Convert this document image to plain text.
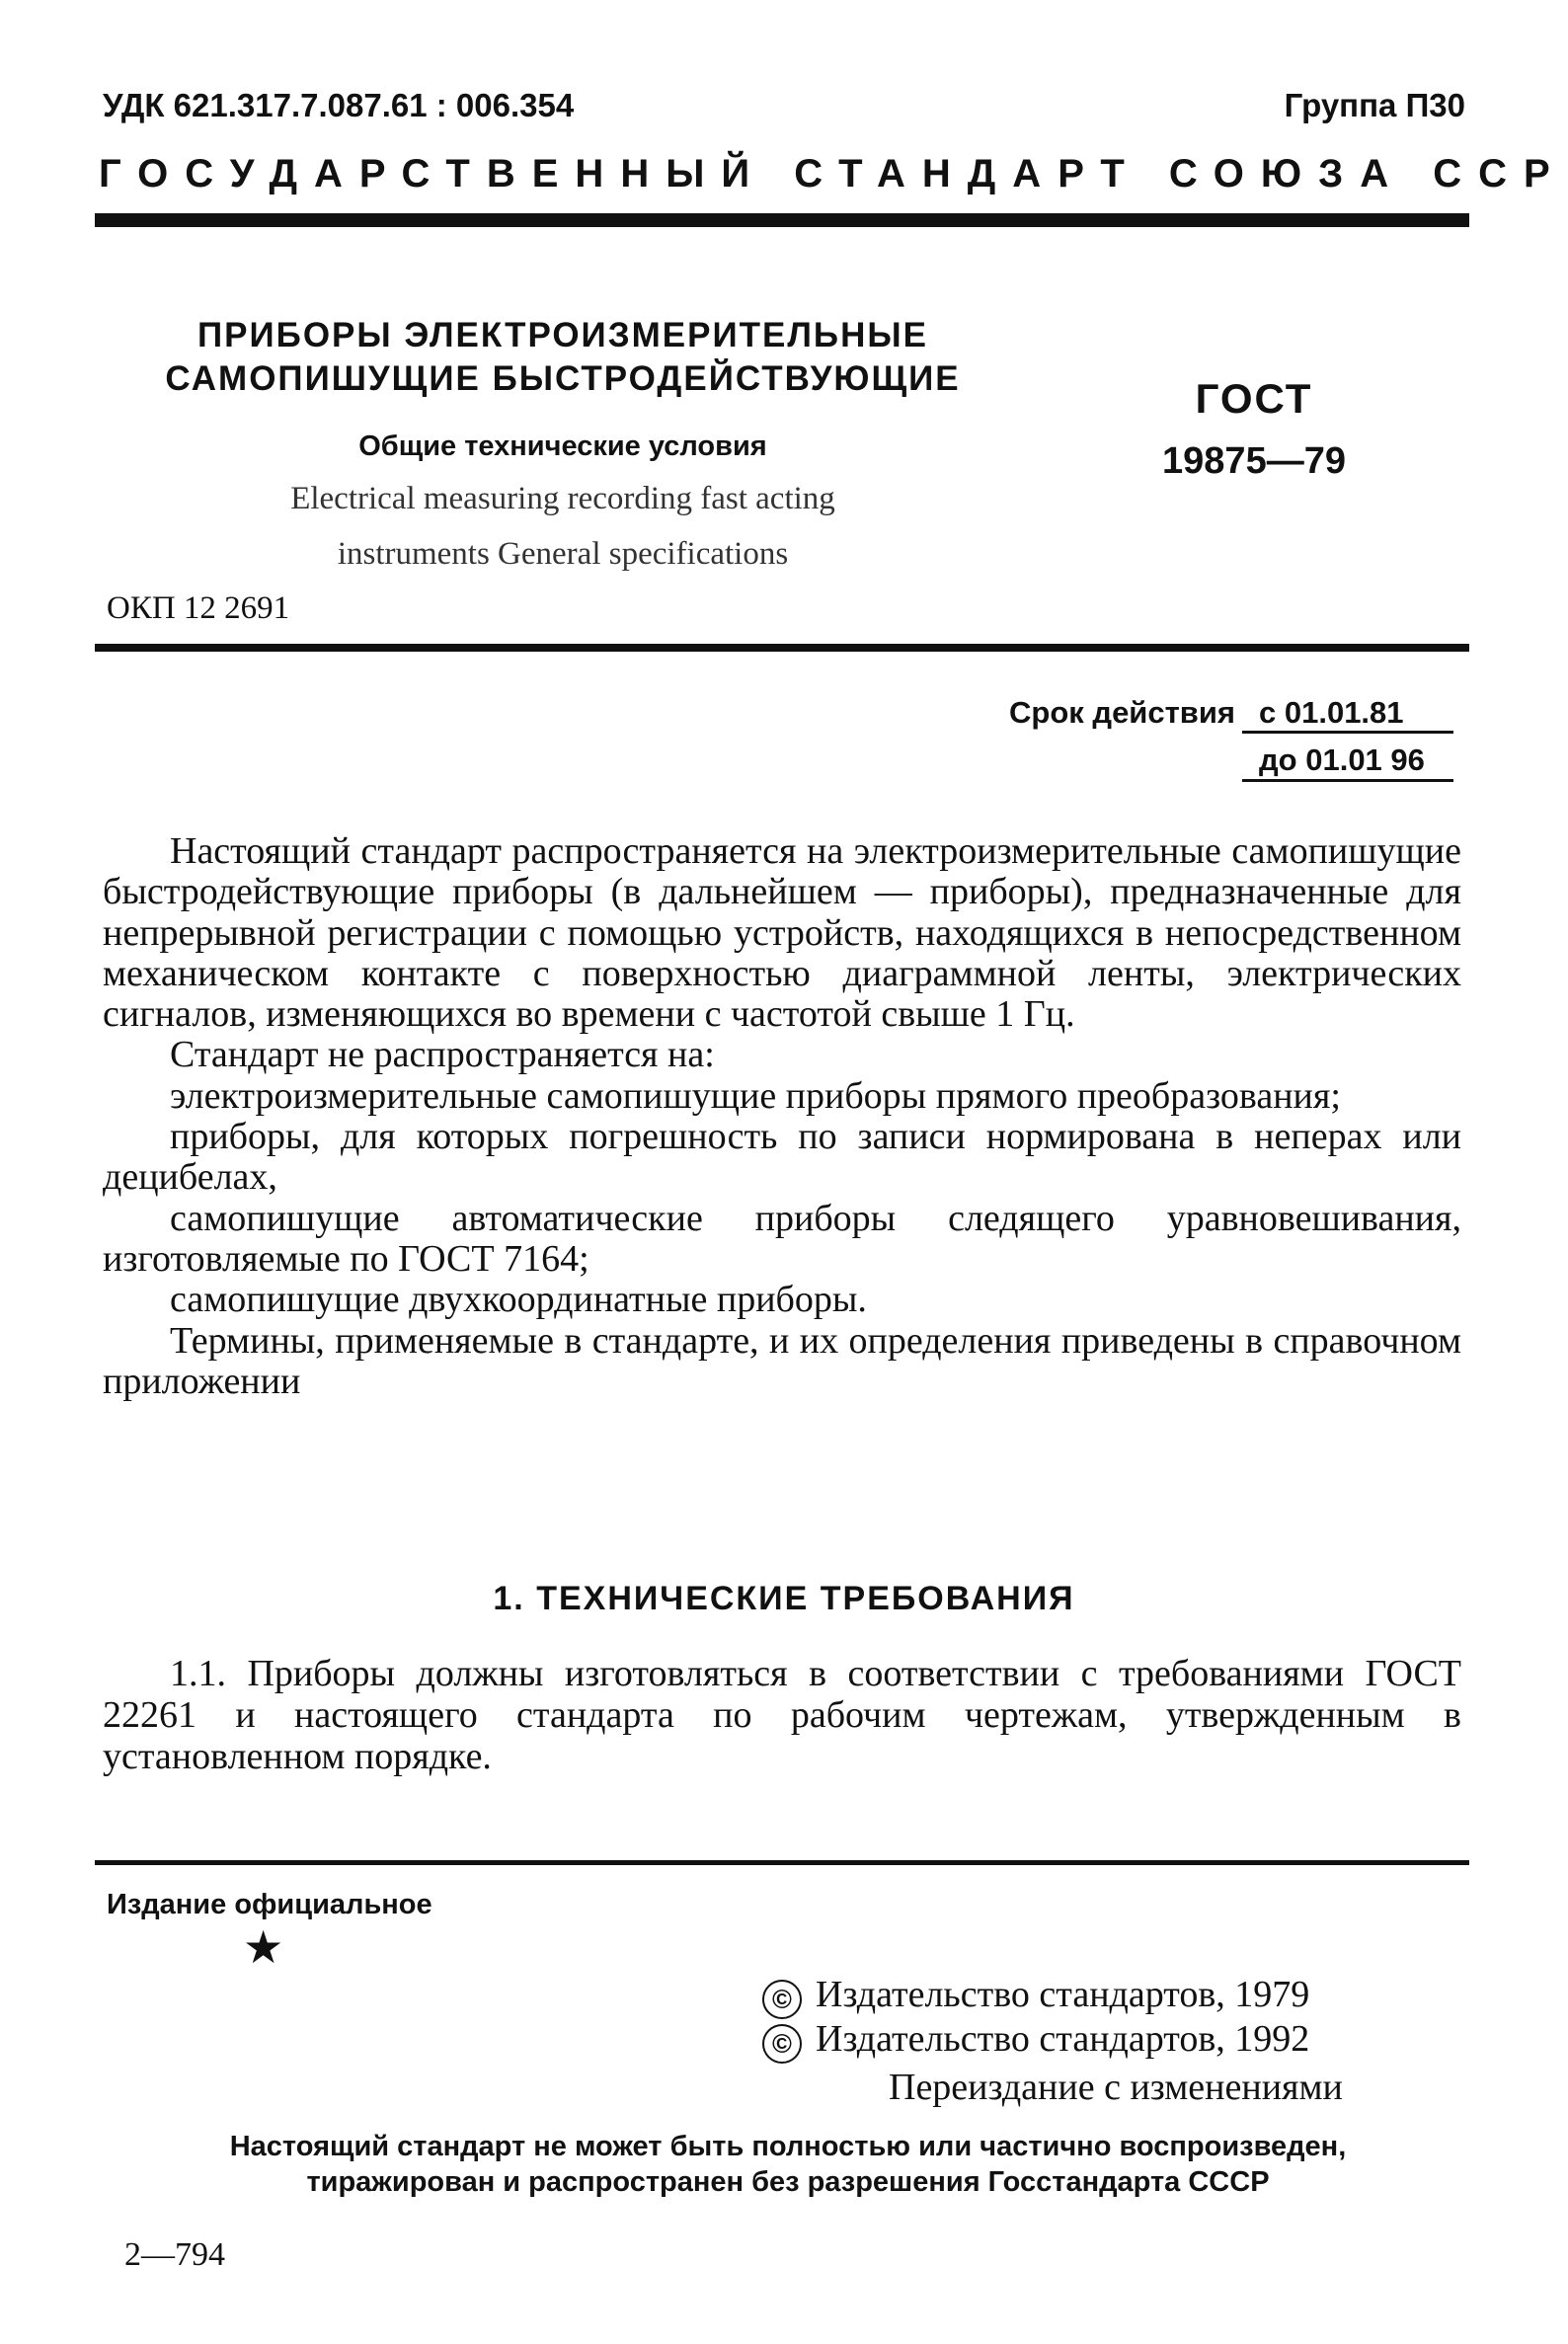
УДК 621.317.7.087.61 : 006.354	Группа П30
ГОСУДАРСТВЕННЫЙ СТАНДАРТ СОЮЗА ССР
ПРИБОРЫ ЭЛЕКТРОИЗМЕРИТЕЛЬНЫЕ
САМОПИШУЩИЕ БЫСТРОДЕЙСТВУЮЩИЕ
Общие технические условия
Electrical measuring recording fast acting
instruments General specifications
ГОСТ
19875—79
ОКП 12 2691
Срок действия с 01.01.81
до 01.01 96

Настоящий стандарт распространяется на электроизмерительные самопишущие быстродействующие приборы (в дальнейшем — приборы), предназначенные для непрерывной регистрации с помощью устройств, находящихся в непосредственном механическом контакте с поверхностью диаграммной ленты, электрических сигналов, изменяющихся во времени с частотой свыше 1 Гц.

Стандарт не распространяется на:

электроизмерительные самопишущие приборы прямого преобразования;

приборы, для которых погрешность по записи нормирована в неперах или децибелах,

самопишущие автоматические приборы следящего уравновешивания, изготовляемые по ГОСТ 7164;

самопишущие двухкоординатные приборы.

Термины, применяемые в стандарте, и их определения приведены в справочном приложении

1. ТЕХНИЧЕСКИЕ ТРЕБОВАНИЯ

1.1. Приборы должны изготовляться в соответствии с требованиями ГОСТ 22261 и настоящего стандарта по рабочим чертежам, утвержденным в установленном порядке.

Издание официальное
★
© Издательство стандартов, 1979
© Издательство стандартов, 1992
Переиздание с изменениями
Настоящий стандарт не может быть полностью или частично воспроизведен,
тиражирован и распространен без разрешения Госстандарта СССР
2—794
